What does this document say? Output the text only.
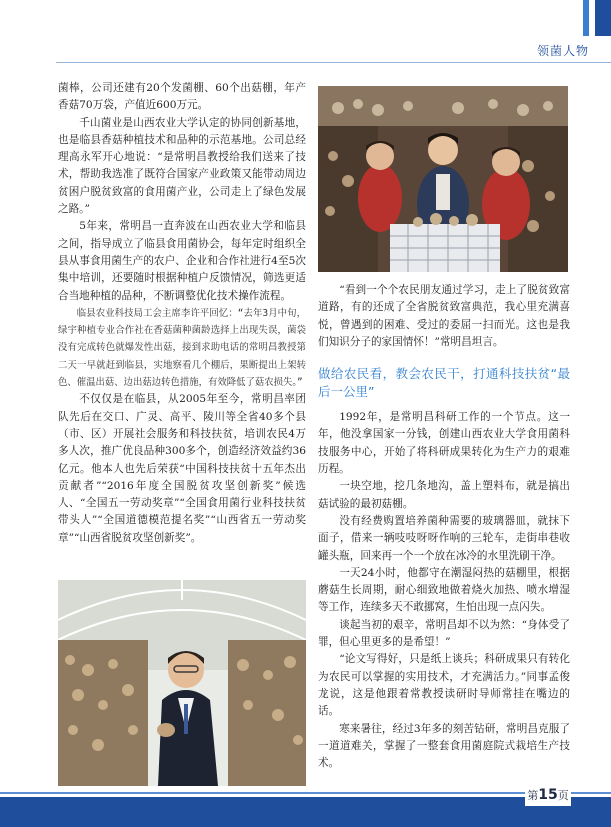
领菌人物

菌棒，公司还建有20个发菌棚、60个出菇棚，年产香菇70万袋，产值近600万元。

千山菌业是山西农业大学认定的协同创新基地，也是临县香菇种植技术和品种的示范基地。公司总经理高永军开心地说：“是常明昌教授给我们送来了技术，帮助我选准了既符合国家产业政策又能带动周边贫困户脱贫致富的食用菌产业，公司走上了绿色发展之路。”

5年来，常明昌一直奔波在山西农业大学和临县之间，指导成立了临县食用菌协会，每年定时组织全县从事食用菌生产的农户、企业和合作社进行4至5次集中培训，还要随时根据种植户反馈情况，筛选更适合当地种植的品种，不断调整优化技术操作流程。

临县农业科技局工会主席李许平回忆：“去年3月中旬，绿宇种植专业合作社在香菇菌种菌龄选择上出现失误，菌袋没有完成转色就爆发性出菇，接到求助电话的常明昌教授第二天一早就赶到临县，实地察看几个棚后，果断提出上架转色、催温出菇、边出菇边转色措施，有效降低了菇农损失。”

不仅仅是在临县，从2005年至今，常明昌率团队先后在交口、广灵、高平、陵川等全省40多个县（市、区）开展社会服务和科技扶贫，培训农民4万多人次，推广优良品种300多个，创造经济效益约36亿元。他本人也先后荣获“中国科技扶贫十五年杰出贡献者”“2016年度全国脱贫攻坚创新奖”候选人、“全国五一劳动奖章”“全国食用菌行业科技扶贫带头人”“全国道德模范提名奖”“山西省五一劳动奖章”“山西省脱贫攻坚创新奖”。

“看到一个个农民朋友通过学习，走上了脱贫致富道路，有的还成了全省脱贫致富典范，我心里充满喜悦，曾遇到的困难、受过的委屈一扫而光。这也是我们知识分子的家国情怀！”常明昌坦言。

做给农民看，教会农民干，打通科技扶贫“最后一公里”

1992年，是常明昌科研工作的一个节点。这一年，他没拿国家一分钱，创建山西农业大学食用菌科技服务中心，开始了将科研成果转化为生产力的艰难历程。

一块空地，挖几条地沟，盖上塑料布，就是搞出菇试验的最初菇棚。

没有经费购置培养菌种需要的玻璃器皿，就抹下面子，借来一辆吱吱呀呀作响的三轮车，走街串巷收罐头瓶，回来再一个一个放在冰冷的水里洗刷干净。

一天24小时，他都守在潮湿闷热的菇棚里，根据蘑菇生长周期，耐心细致地做着烧火加热、喷水增湿等工作，连续多天不敢挪窝，生怕出现一点闪失。

谈起当初的艰辛，常明昌却不以为然：“身体受了罪，但心里更多的是希望！”

“论文写得好，只是纸上谈兵；科研成果只有转化为农民可以掌握的实用技术，才充满活力。”同事孟俊龙说，这是他跟着常教授读研时导师常挂在嘴边的话。

寒来暑往，经过3年多的刻苦钻研，常明昌克服了一道道难关，掌握了一整套食用菌庭院式栽培生产技术。

第15页
